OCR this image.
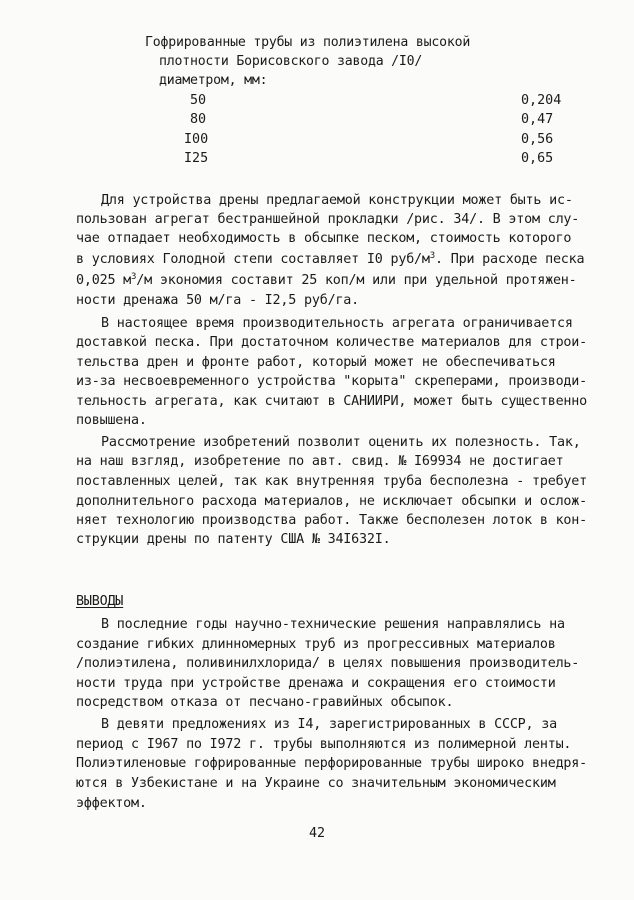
Гофрированные трубы из полиэтилена высокой
плотности Борисовского завода /I0/
диаметром, мм:
50	0,204
80	0,47
I00	0,56
I25	0,65
Для устройства дрены предлагаемой конструкции может быть ис-
пользован агрегат бестраншейной прокладки /рис. 34/. В этом слу-
чае отпадает необходимость в обсыпке песком, стоимость которого
в условиях Голодной степи составляет I0 руб/$м^3$. При расходе песка
0,025 $м^3/м$ экономия составит 25 коп/м или при удельной протяжен-
ности дренажа 50 м/га - I2,5 руб/га.
В настоящее время производительность агрегата ограничивается
доставкой песка. При достаточном количестве материалов для строи-
тельства дрен и фронте работ, который может не обеспечиваться
из-за несвоевременного устройства "корыта" скреперами, производи-
тельность агрегата, как считают в САНИИРИ, может быть существенно
повышена.
Рассмотрение изобретений позволит оценить их полезность. Так,
на наш взгляд, изобретение по авт. свид. № I69934 не достигает
поставленных целей, так как внутренняя труба бесполезна - требует
дополнительного расхода материалов, не исключает обсыпки и ослож-
няет технологию производства работ. Также бесполезен лоток в кон-
струкции дрены по патенту США № 34I632I.
ВЫВОДЫ
В последние годы научно-технические решения направлялись на
создание гибких длинномерных труб из прогрессивных материалов
/полиэтилена, поливинилхлорида/ в целях повышения производитель-
ности труда при устройстве дренажа и сокращения его стоимости
посредством отказа от песчано-гравийных обсыпок.
В девяти предложениях из I4, зарегистрированных в СССР, за
период с I967 по I972 г. трубы выполняются из полимерной ленты.
Полиэтиленовые гофрированные перфорированные трубы широко внедря-
ются в Узбекистане и на Украине со значительным экономическим
эффектом.
42
